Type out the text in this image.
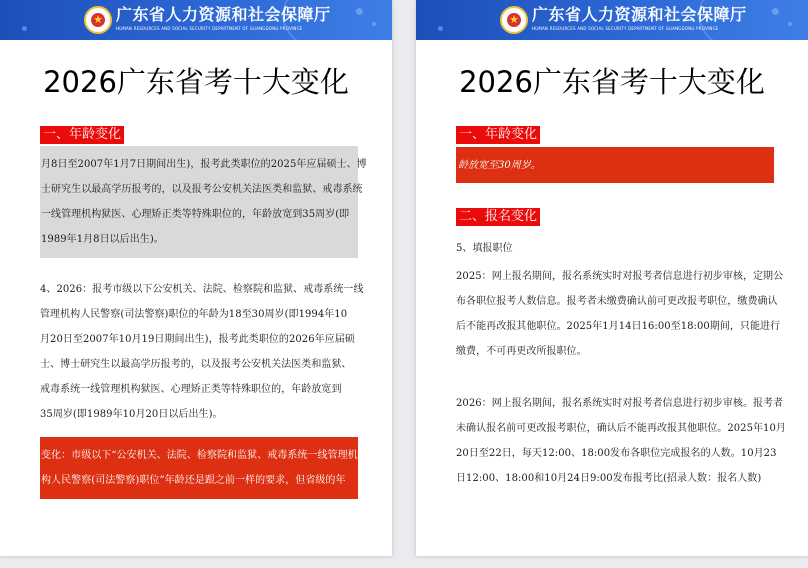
★
广东省人力资源和社会保障厅
HUMAN RESOURCES AND SOCIAL SECURITY DEPARTMENT OF GUANGDONG PROVINCE
2026广东省考十大变化
一、年龄变化
月8日至2007年1月7日期间出生)，报考此类职位的2025年应届硕士、博
士研究生以最高学历报考的，以及报考公安机关法医类和监狱、戒毒系统
一线管理机构狱医、心理矫正类等特殊职位的，年龄放宽到35周岁(即
1989年1月8日以后出生)。
4、2026：报考市级以下公安机关、法院、检察院和监狱、戒毒系统一线
管理机构人民警察(司法警察)职位的年龄为18至30周岁(即1994年10
月20日至2007年10月19日期间出生)，报考此类职位的2026年应届硕
士、博士研究生以最高学历报考的，以及报考公安机关法医类和监狱、
戒毒系统一线管理机构狱医、心理矫正类等特殊职位的，年龄放宽到
35周岁(即1989年10月20日以后出生)。
变化：市级以下“公安机关、法院、检察院和监狱、戒毒系统一线管理机
构人民警察(司法警察)职位”年龄还是跟之前一样的要求，但省级的年
★
广东省人力资源和社会保障厅
HUMAN RESOURCES AND SOCIAL SECURITY DEPARTMENT OF GUANGDONG PROVINCE
2026广东省考十大变化
一、年龄变化
龄放宽至30周岁。
二、报名变化
5、填报职位
2025：网上报名期间，报名系统实时对报考者信息进行初步审核，定期公
布各职位报考人数信息。报考者未缴费确认前可更改报考职位，缴费确认
后不能再改报其他职位。2025年1月14日16:00至18:00期间，只能进行
缴费，不可再更改所报职位。
2026：网上报名期间，报名系统实时对报考者信息进行初步审核。报考者
未确认报名前可更改报考职位，确认后不能再改报其他职位。2025年10月
20日至22日，每天12:00、18:00发布各职位完成报名的人数。10月23
日12:00、18:00和10月24日9:00发布报考比(招录人数：报名人数)
